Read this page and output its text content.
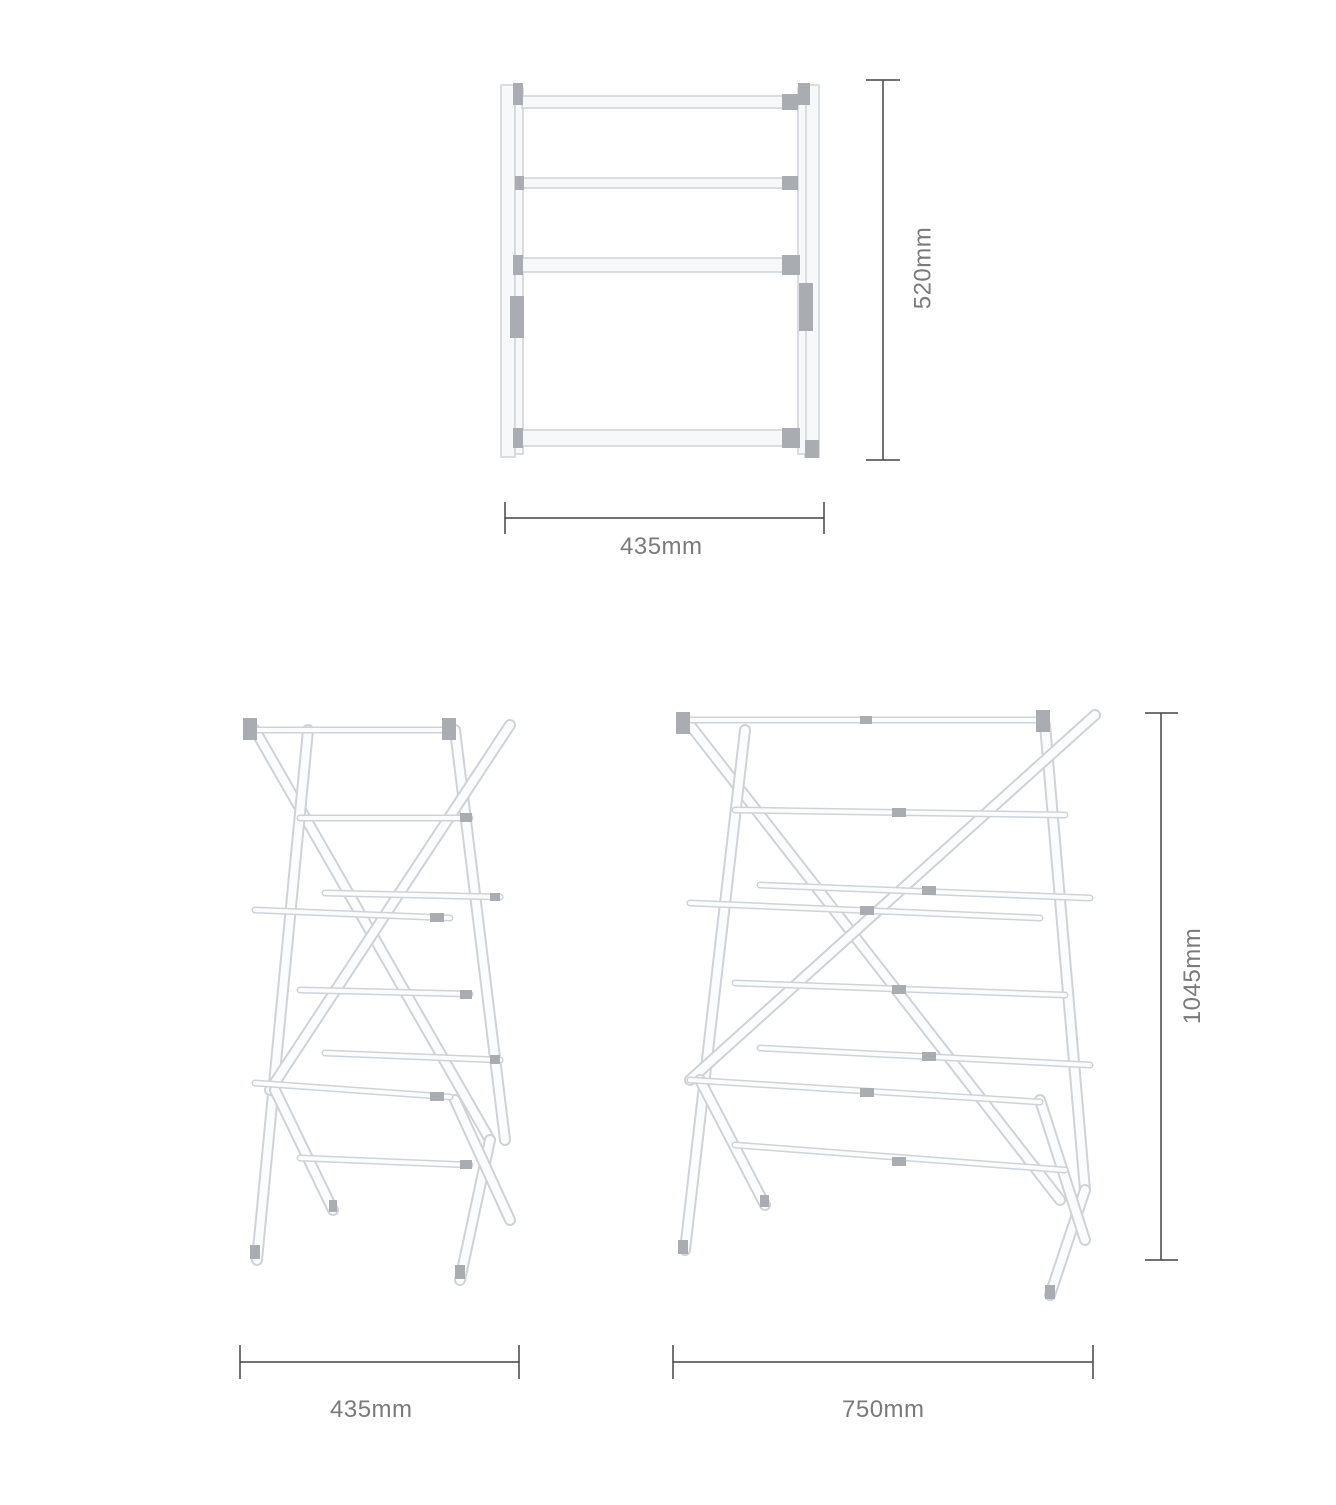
435mm
520mm
435mm	750mm
1045mm
